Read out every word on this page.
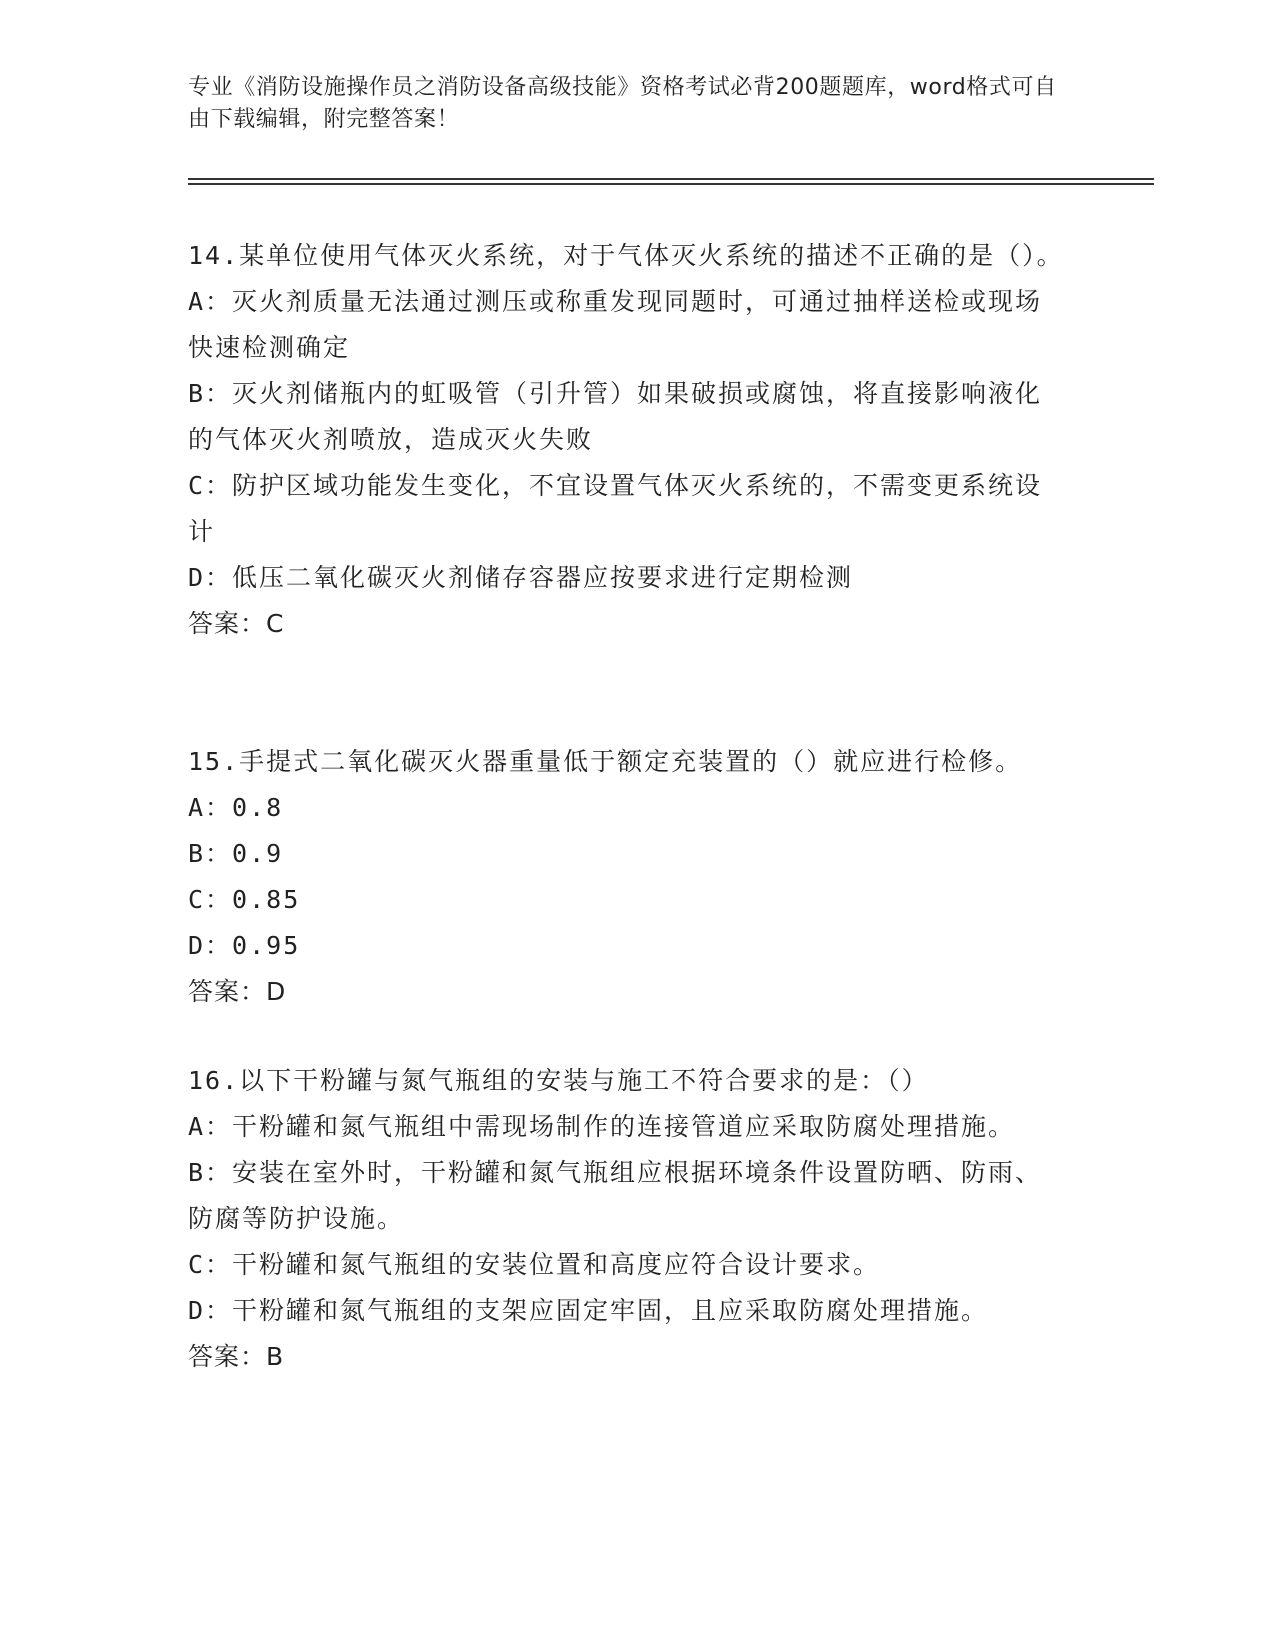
专业《消防设施操作员之消防设备高级技能》资格考试必背200题题库，word格式可自由下载编辑，附完整答案！

14.某单位使用气体灭火系统，对于气体灭火系统的描述不正确的是（）。

A：灭火剂质量无法通过测压或称重发现同题时，可通过抽样送检或现场快速检测确定

B：灭火剂储瓶内的虹吸管（引升管）如果破损或腐蚀，将直接影响液化的气体灭火剂喷放，造成灭火失败

C：防护区域功能发生变化，不宜设置气体灭火系统的，不需变更系统设计

D：低压二氧化碳灭火剂储存容器应按要求进行定期检测

答案：C

15.手提式二氧化碳灭火器重量低于额定充装置的（）就应进行检修。

A：0.8

B：0.9

C：0.85

D：0.95

答案：D

16.以下干粉罐与氮气瓶组的安装与施工不符合要求的是：（）

A：干粉罐和氮气瓶组中需现场制作的连接管道应采取防腐处理措施。

B：安装在室外时，干粉罐和氮气瓶组应根据环境条件设置防晒、防雨、防腐等防护设施。

C：干粉罐和氮气瓶组的安装位置和高度应符合设计要求。

D：干粉罐和氮气瓶组的支架应固定牢固，且应采取防腐处理措施。

答案：B
